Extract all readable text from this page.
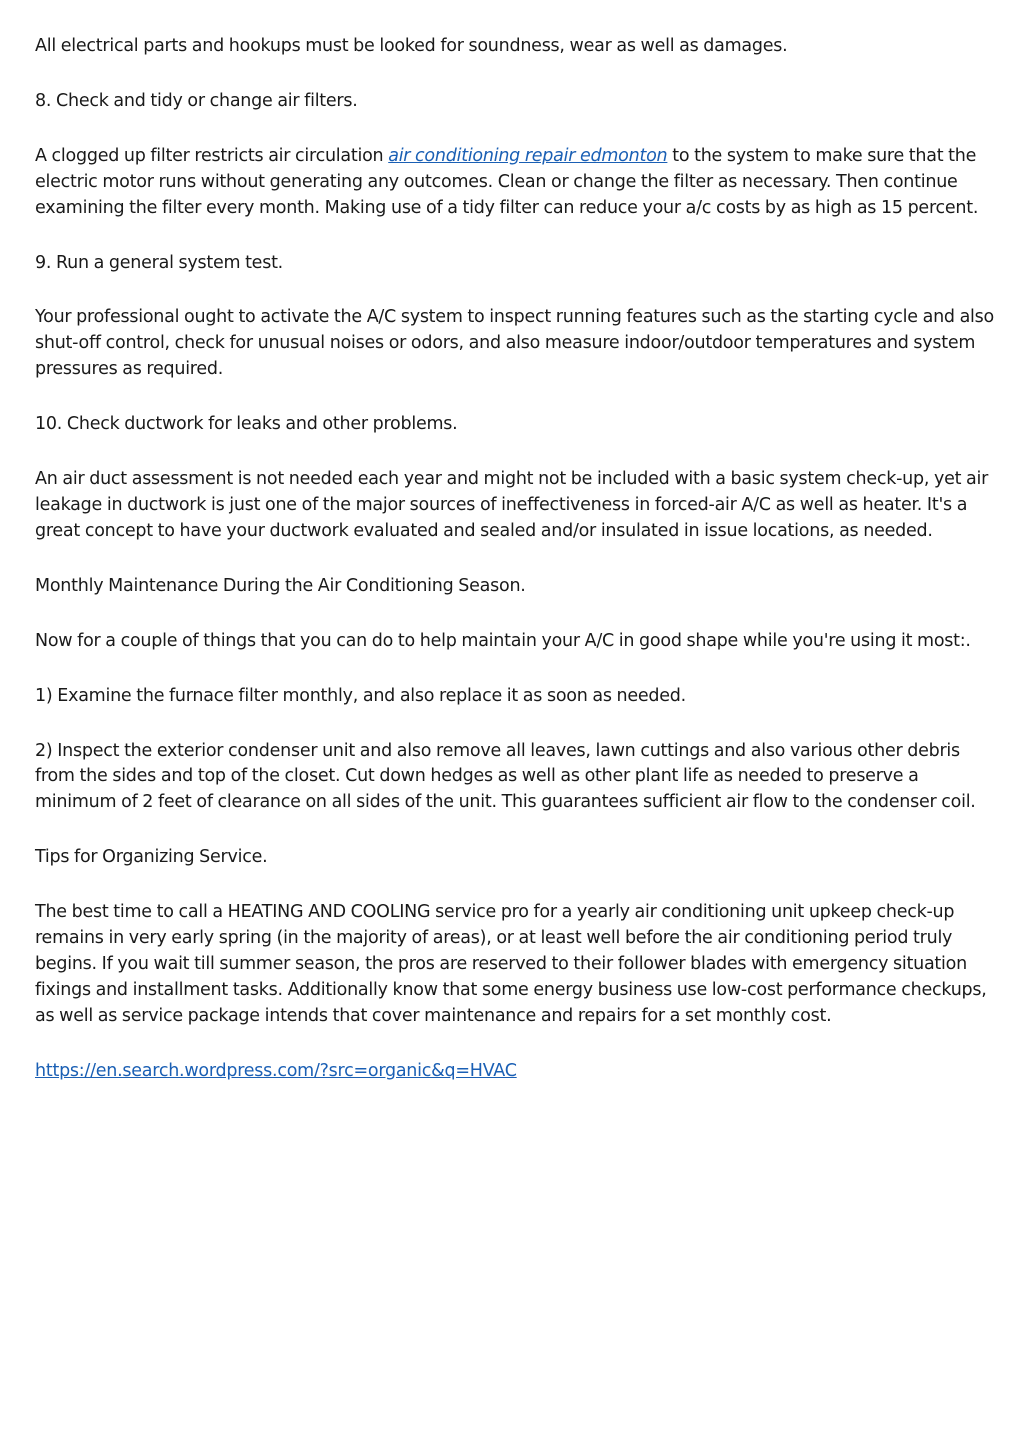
All electrical parts and hookups must be looked for soundness, wear as well as damages.

8. Check and tidy or change air filters.

A clogged up filter restricts air circulation air conditioning repair edmonton to the system to make sure that the electric motor runs without generating any outcomes. Clean or change the filter as necessary. Then continue examining the filter every month. Making use of a tidy filter can reduce your a/c costs by as high as 15 percent.

9. Run a general system test.

Your professional ought to activate the A/C system to inspect running features such as the starting cycle and also shut-off control, check for unusual noises or odors, and also measure indoor/outdoor temperatures and system pressures as required.

10. Check ductwork for leaks and other problems.

An air duct assessment is not needed each year and might not be included with a basic system check-up, yet air leakage in ductwork is just one of the major sources of ineffectiveness in forced-air A/C as well as heater. It's a great concept to have your ductwork evaluated and sealed and/or insulated in issue locations, as needed.

Monthly Maintenance During the Air Conditioning Season.

Now for a couple of things that you can do to help maintain your A/C in good shape while you're using it most:.

1) Examine the furnace filter monthly, and also replace it as soon as needed.

2) Inspect the exterior condenser unit and also remove all leaves, lawn cuttings and also various other debris from the sides and top of the closet. Cut down hedges as well as other plant life as needed to preserve a minimum of 2 feet of clearance on all sides of the unit. This guarantees sufficient air flow to the condenser coil.

Tips for Organizing Service.

The best time to call a HEATING AND COOLING service pro for a yearly air conditioning unit upkeep check-up remains in very early spring (in the majority of areas), or at least well before the air conditioning period truly begins. If you wait till summer season, the pros are reserved to their follower blades with emergency situation fixings and installment tasks. Additionally know that some energy business use low-cost performance checkups, as well as service package intends that cover maintenance and repairs for a set monthly cost.

https://en.search.wordpress.com/?src=organic&q=HVAC
